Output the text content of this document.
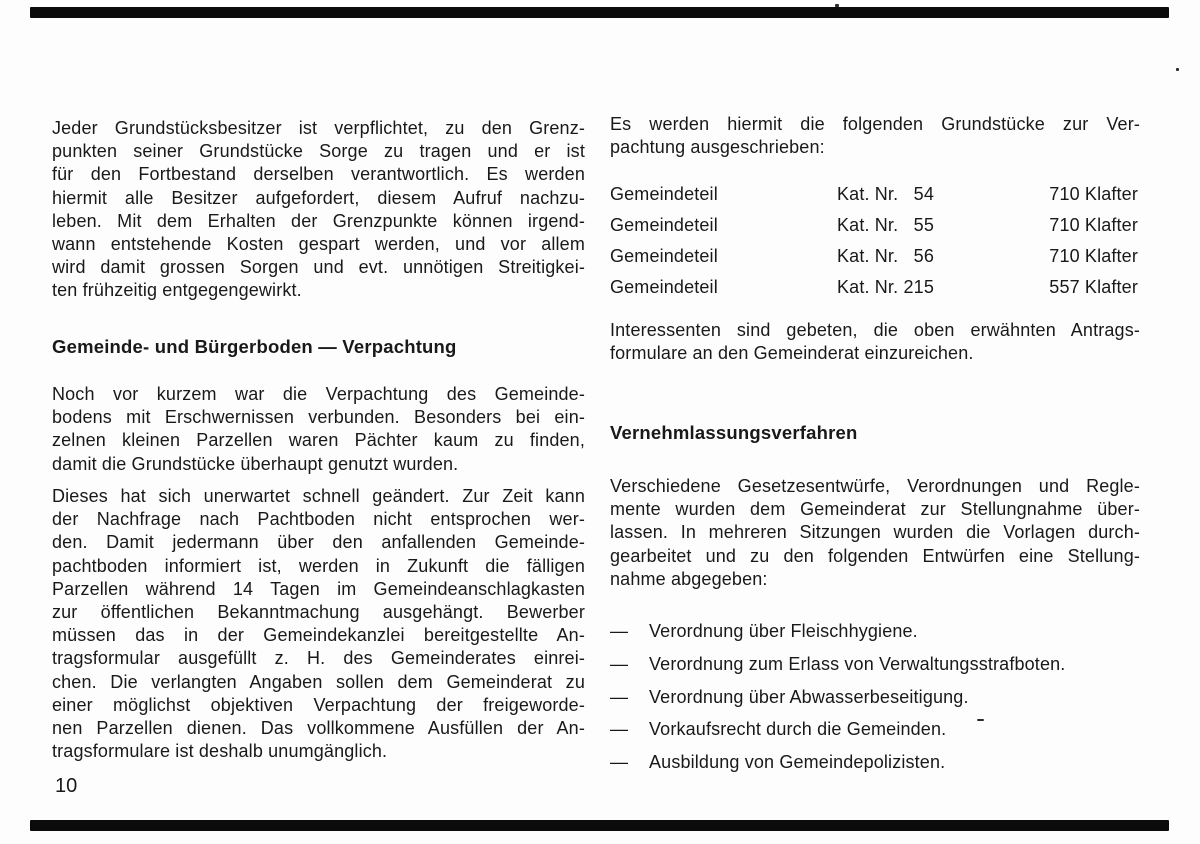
Jeder Grundstücksbesitzer ist verpflichtet, zu den Grenz-
punkten seiner Grundstücke Sorge zu tragen und er ist
für den Fortbestand derselben verantwortlich. Es werden
hiermit alle Besitzer aufgefordert, diesem Aufruf nachzu-
leben. Mit dem Erhalten der Grenzpunkte können irgend-
wann entstehende Kosten gespart werden, und vor allem
wird damit grossen Sorgen und evt. unnötigen Streitigkei-
ten frühzeitig entgegengewirkt.
Gemeinde- und Bürgerboden — Verpachtung
Noch vor kurzem war die Verpachtung des Gemeinde-
bodens mit Erschwernissen verbunden. Besonders bei ein-
zelnen kleinen Parzellen waren Pächter kaum zu finden,
damit die Grundstücke überhaupt genutzt wurden.
Dieses hat sich unerwartet schnell geändert. Zur Zeit kann
der Nachfrage nach Pachtboden nicht entsprochen wer-
den. Damit jedermann über den anfallenden Gemeinde-
pachtboden informiert ist, werden in Zukunft die fälligen
Parzellen während 14 Tagen im Gemeindeanschlagkasten
zur öffentlichen Bekanntmachung ausgehängt. Bewerber
müssen das in der Gemeindekanzlei bereitgestellte An-
tragsformular ausgefüllt z. H. des Gemeinderates einrei-
chen. Die verlangten Angaben sollen dem Gemeinderat zu
einer möglichst objektiven Verpachtung der freigeworde-
nen Parzellen dienen. Das vollkommene Ausfüllen der An-
tragsformulare ist deshalb unumgänglich.
10
Es werden hiermit die folgenden Grundstücke zur Ver-
pachtung ausgeschrieben:
Gemeindeteil	Kat. Nr. 54	710 Klafter
Gemeindeteil	Kat. Nr. 55	710 Klafter
Gemeindeteil	Kat. Nr. 56	710 Klafter
Gemeindeteil	Kat. Nr. 215	557 Klafter
Interessenten sind gebeten, die oben erwähnten Antrags-
formulare an den Gemeinderat einzureichen.
Vernehmlassungsverfahren
Verschiedene Gesetzesentwürfe, Verordnungen und Regle-
mente wurden dem Gemeinderat zur Stellungnahme über-
lassen. In mehreren Sitzungen wurden die Vorlagen durch-
gearbeitet und zu den folgenden Entwürfen eine Stellung-
nahme abgegeben:
—	Verordnung über Fleischhygiene.
—	Verordnung zum Erlass von Verwaltungsstrafboten.
—	Verordnung über Abwasserbeseitigung.
—	Vorkaufsrecht durch die Gemeinden.
—	Ausbildung von Gemeindepolizisten.
